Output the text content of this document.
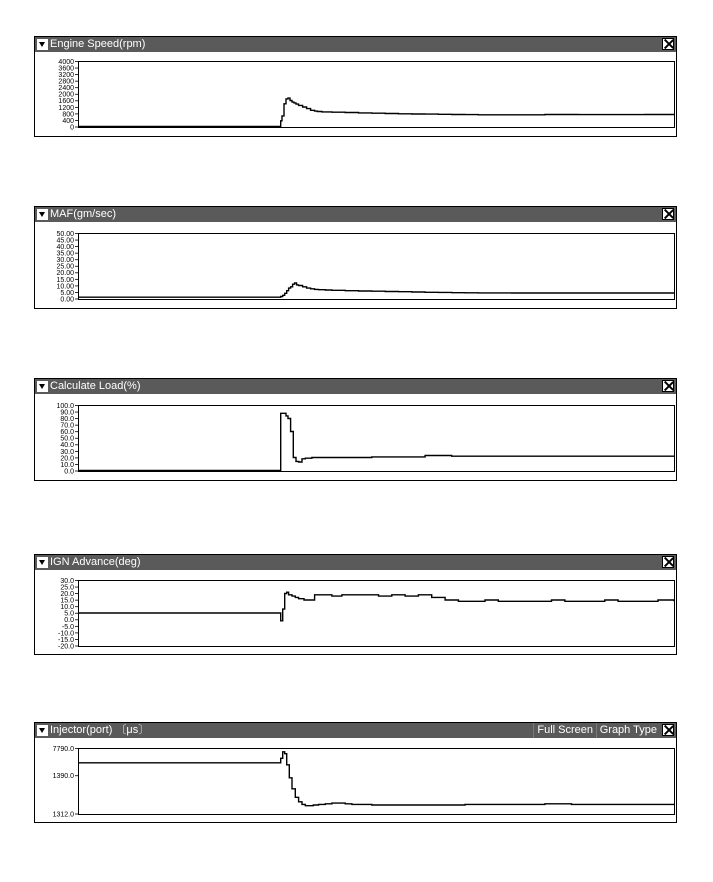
Engine Speed(rpm)
4000
3600
3200
2800
2400
2000
1600
1200
800
400
0
MAF(gm/sec)
50.00
45.00
40.00
35.00
30.00
25.00
20.00
15.00
10.00
5.00
0.00
Calculate Load(%)
100.0
90.0
80.0
70.0
60.0
50.0
40.0
30.0
20.0
10.0
0.0
IGN Advance(deg)
30.0
25.0
20.0
15.0
10.0
5.0
0.0
-5.0
-10.0
-15.0
-20.0
Injector(port) 〔μs〕	Full Screen Graph Type
7790.0
1390.0
1312.0
